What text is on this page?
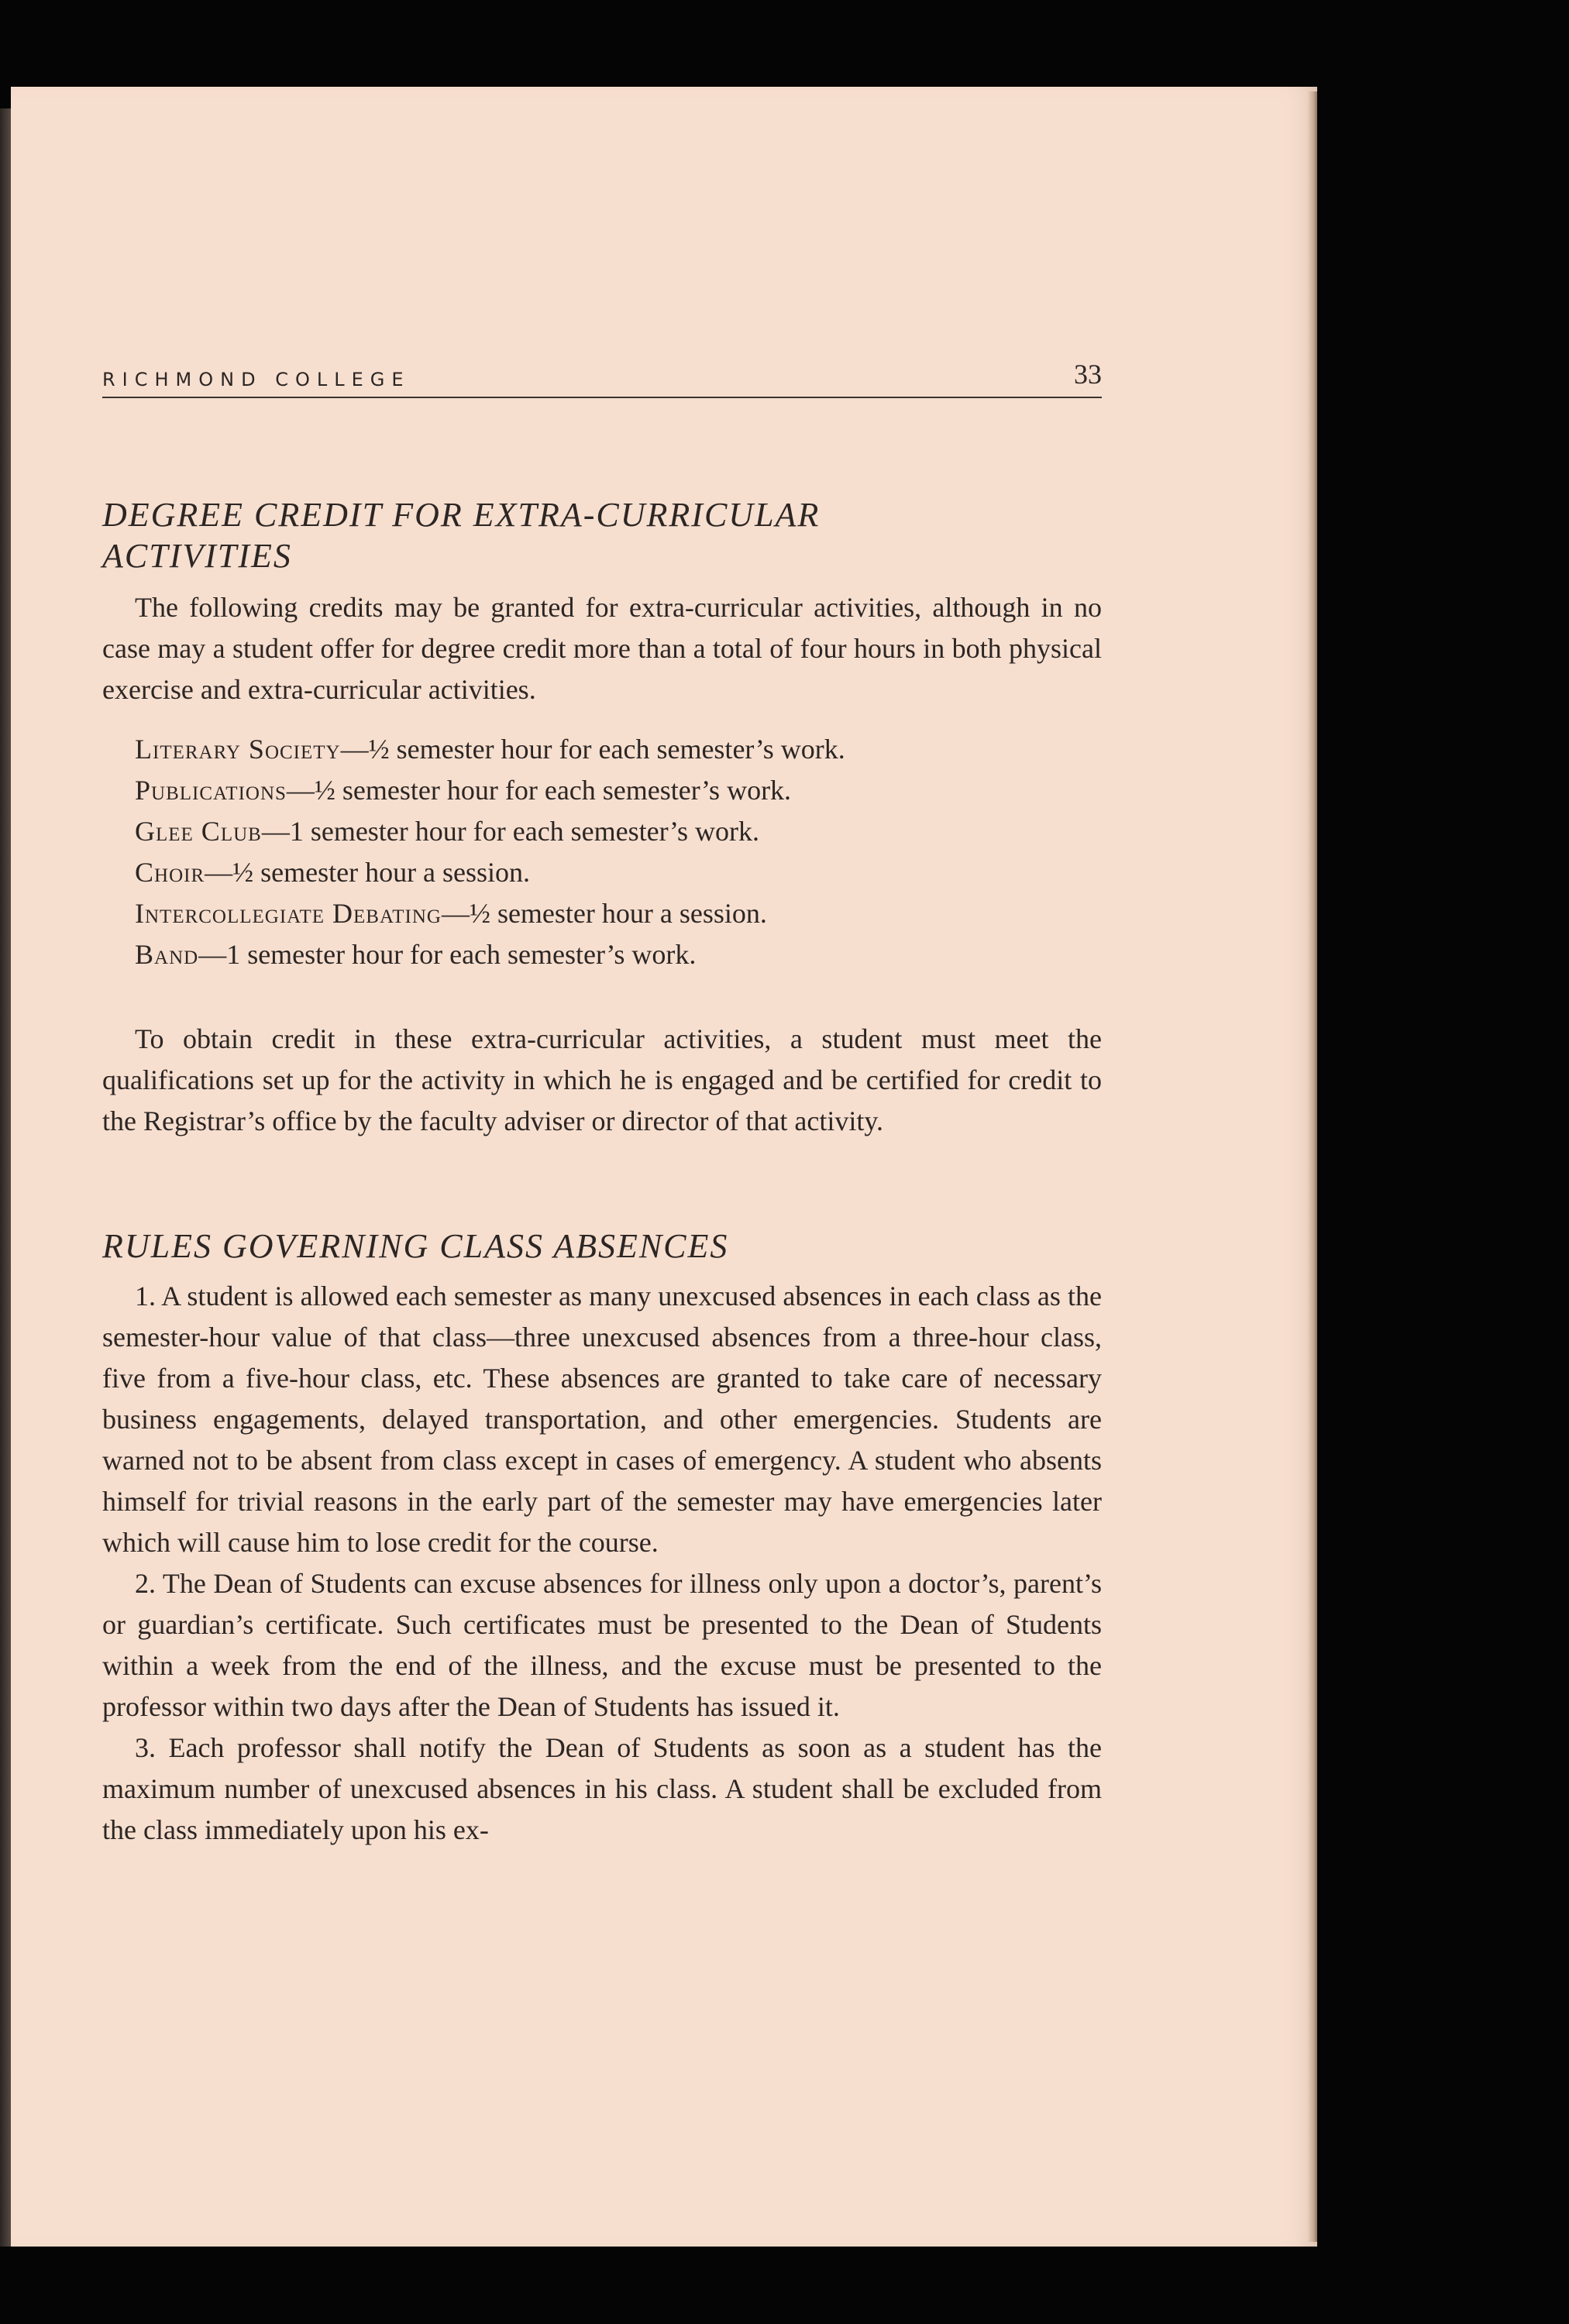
RICHMOND COLLEGE	33
DEGREE CREDIT FOR EXTRA-CURRICULAR ACTIVITIES

The following credits may be granted for extra-curricular activities, although in no case may a student offer for degree credit more than a total of four hours in both physical exercise and extra-curricular activities.

Literary Society—½ semester hour for each semester’s work.
Publications—½ semester hour for each semester’s work.
Glee Club—1 semester hour for each semester’s work.
Choir—½ semester hour a session.
Intercollegiate Debating—½ semester hour a session.
Band—1 semester hour for each semester’s work.

To obtain credit in these extra-curricular activities, a student must meet the qualifications set up for the activity in which he is engaged and be certified for credit to the Registrar’s office by the faculty adviser or director of that activity.

RULES GOVERNING CLASS ABSENCES

1. A student is allowed each semester as many unexcused absences in each class as the semester-hour value of that class—three unexcused absences from a three-hour class, five from a five-hour class, etc. These absences are granted to take care of necessary business engagements, delayed transportation, and other emergencies. Students are warned not to be absent from class except in cases of emergency. A student who absents himself for trivial reasons in the early part of the semester may have emergencies later which will cause him to lose credit for the course.

2. The Dean of Students can excuse absences for illness only upon a doctor’s, parent’s or guardian’s certificate. Such certificates must be presented to the Dean of Students within a week from the end of the illness, and the excuse must be presented to the professor within two days after the Dean of Students has issued it.

3. Each professor shall notify the Dean of Students as soon as a student has the maximum number of unexcused absences in his class. A student shall be excluded from the class immediately upon his ex-
